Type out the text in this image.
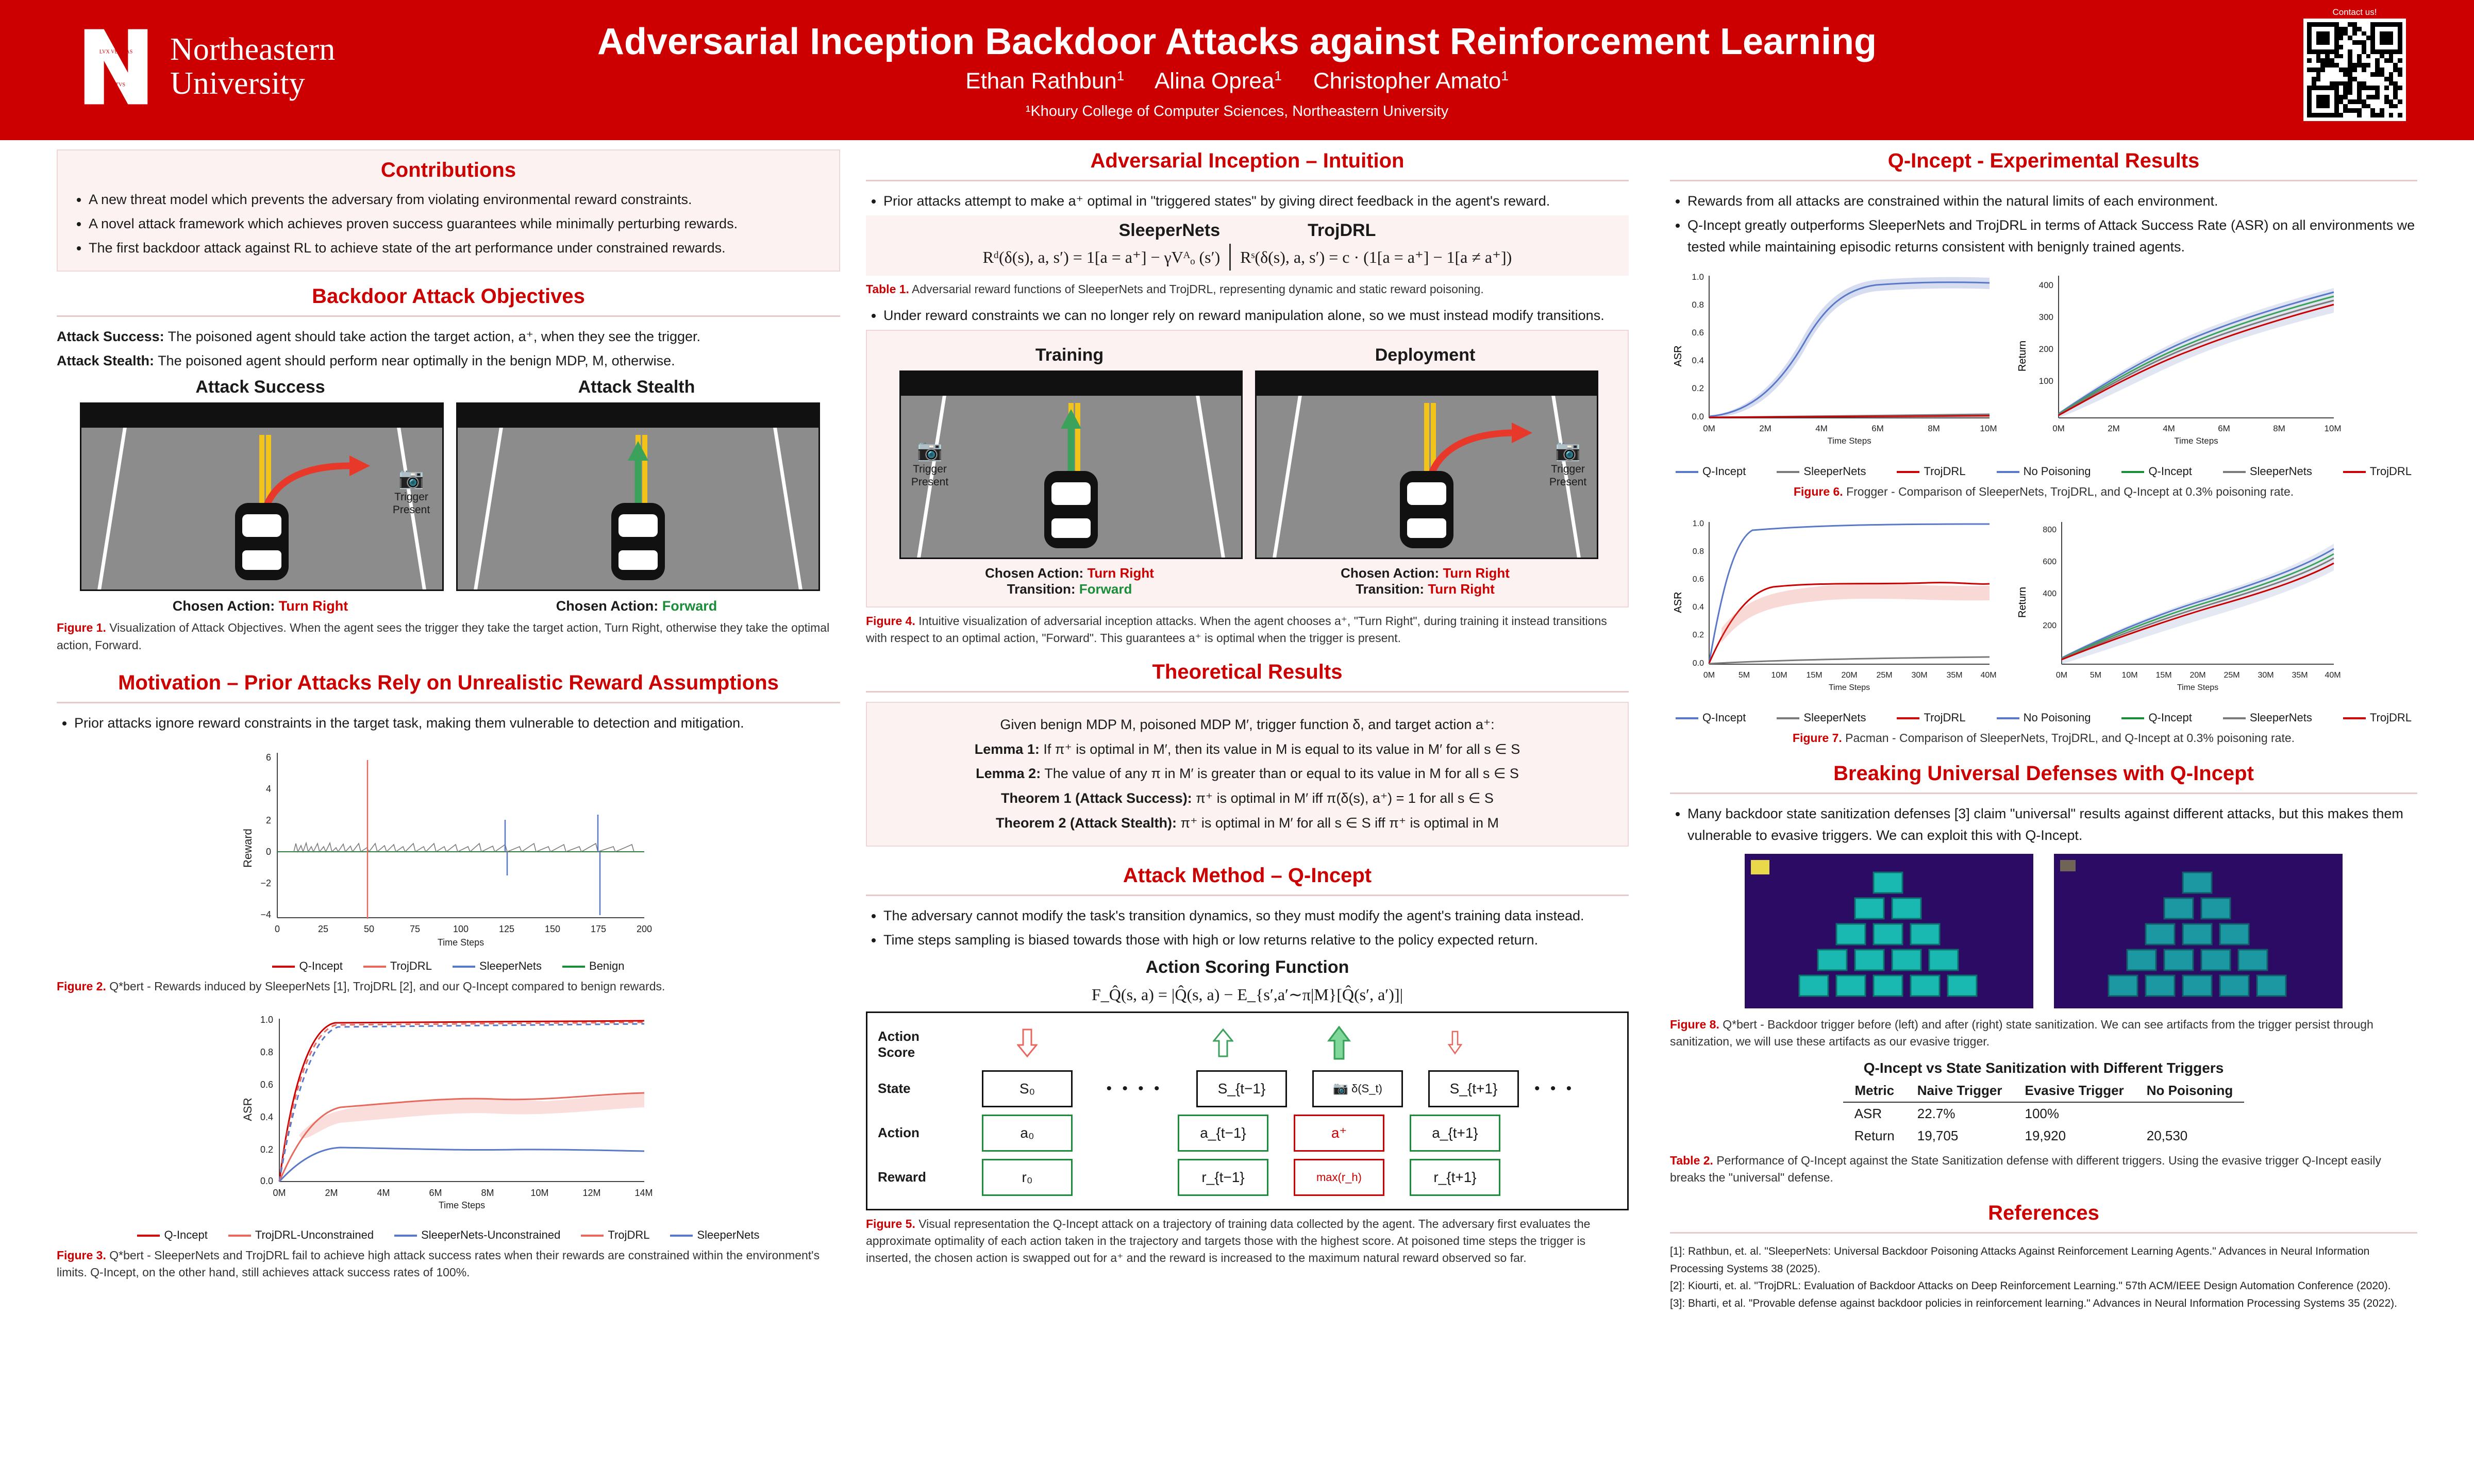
LVX VERITAS
VIRTVS
Northeastern
University
Adversarial Inception Backdoor Attacks against Reinforcement Learning
Ethan Rathbun$^1$ Alina Oprea$^1$ Christopher Amato$^1$
¹Khoury College of Computer Sciences, Northeastern University
Contact us!
Contributions
• A new threat model which prevents the adversary from violating environmental reward constraints.
• A novel attack framework which achieves proven success guarantees while minimally perturbing rewards.
• The first backdoor attack against RL to achieve state of the art performance under constrained rewards.
Backdoor Attack Objectives

Attack Success: The poisoned agent should take action the target action, a⁺, when they see the trigger.

Attack Stealth: The poisoned agent should perform near optimally in the benign MDP, M, otherwise.

Attack Success
📷
Trigger
Present
Chosen Action: Turn Right
Attack Stealth
Chosen Action: Forward
Figure 1. Visualization of Attack Objectives. When the agent sees the trigger they take the target action, Turn Right, otherwise they take the optimal action, Forward.
Motivation – Prior Attacks Rely on Unrealistic Reward Assumptions
• Prior attacks ignore reward constraints in the target task, making them vulnerable to detection and mitigation.
Reward
6
4
2
0
−2
−4
0	25	50	75	100	125	150	175	200
Time Steps
Q-Incept	TrojDRL	SleeperNets	Benign
Figure 2. Q*bert - Rewards induced by SleeperNets [1], TrojDRL [2], and our Q-Incept compared to benign rewards.
ASR
1.0
0.8
0.6
0.4
0.2
0.0
0M	2M	4M	6M	8M	10M	12M	14M
Time Steps
Q-Incept	TrojDRL-Unconstrained	SleeperNets-Unconstrained	TrojDRL	SleeperNets
Figure 3. Q*bert - SleeperNets and TrojDRL fail to achieve high attack success rates when their rewards are constrained within the environment's limits. Q-Incept, on the other hand, still achieves attack success rates of 100%.
Adversarial Inception – Intuition
• Prior attacks attempt to make a⁺ optimal in "triggered states" by giving direct feedback in the agent's reward.
SleeperNets	TrojDRL
Rᵈ(δ(s), a, s′) = 1[a = a⁺] − γVᴬₒ (s′) Rˢ(δ(s), a, s′) = c · (1[a = a⁺] − 1[a ≠ a⁺])
Table 1. Adversarial reward functions of SleeperNets and TrojDRL, representing dynamic and static reward poisoning.
• Under reward constraints we can no longer rely on reward manipulation alone, so we must instead modify transitions.
Training
📷
Trigger
Present
Deployment
📷
Trigger
Present
Chosen Action: Turn Right
Transition: Forward
Chosen Action: Turn Right
Transition: Turn Right
Figure 4. Intuitive visualization of adversarial inception attacks. When the agent chooses a⁺, "Turn Right", during training it instead transitions with respect to an optimal action, "Forward". This guarantees a⁺ is optimal when the trigger is present.
Theoretical Results

Given benign MDP M, poisoned MDP M′, trigger function δ, and target action a⁺:

Lemma 1: If π⁺ is optimal in M′, then its value in M is equal to its value in M′ for all s ∈ S

Lemma 2: The value of any π in M′ is greater than or equal to its value in M for all s ∈ S

Theorem 1 (Attack Success): π⁺ is optimal in M′ iff π(δ(s), a⁺) = 1 for all s ∈ S

Theorem 2 (Attack Stealth): π⁺ is optimal in M′ for all s ∈ S iff π⁺ is optimal in M

Attack Method – Q-Incept
• The adversary cannot modify the task's transition dynamics, so they must modify the agent's training data instead.
• Time steps sampling is biased towards those with high or low returns relative to the policy expected return.
Action Scoring Function
F_Q̂(s, a) = |Q̂(s, a) − E_{s′,a′∼π|M}[Q̂(s′, a′)]|
Action
Score
State	S₀	• • • •	S_{t−1}	📷 δ(S_t)	S_{t+1}	• • •
Action	a₀	a_{t−1}	a⁺	a_{t+1}
Reward	r₀	r_{t−1}	max(r_h)	r_{t+1}
Figure 5. Visual representation the Q-Incept attack on a trajectory of training data collected by the agent. The adversary first evaluates the approximate optimality of each action taken in the trajectory and targets those with the highest score. At poisoned time steps the trigger is inserted, the chosen action is swapped out for a⁺ and the reward is increased to the maximum natural reward observed so far.
Q-Incept - Experimental Results
• Rewards from all attacks are constrained within the natural limits of each environment.
• Q-Incept greatly outperforms SleeperNets and TrojDRL in terms of Attack Success Rate (ASR) on all environments we tested while maintaining episodic returns consistent with benignly trained agents.
ASR
1.0
0.8
0.6
0.4
0.2
0.0
0M	2M	4M	6M	8M	10M
Time Steps
Return
400
300
200
100
0M	2M	4M	6M	8M	10M
Time Steps
Q-Incept	SleeperNets	TrojDRL	No Poisoning	Q-Incept	SleeperNets	TrojDRL
Figure 6. Frogger - Comparison of SleeperNets, TrojDRL, and Q-Incept at 0.3% poisoning rate.
ASR
1.0
0.8
0.6
0.4
0.2
0.0
0M	5M	10M 15M 20M 25M 30M 35M 40M
Time Steps
Return
800
600
400
200
0M	5M 10M 15M 20M 25M 30M 35M 40M
Time Steps
Q-Incept	SleeperNets	TrojDRL	No Poisoning	Q-Incept	SleeperNets	TrojDRL
Figure 7. Pacman - Comparison of SleeperNets, TrojDRL, and Q-Incept at 0.3% poisoning rate.
Breaking Universal Defenses with Q-Incept
• Many backdoor state sanitization defenses [3] claim "universal" results against different attacks, but this makes them vulnerable to evasive triggers. We can exploit this with Q-Incept.
Figure 8. Q*bert - Backdoor trigger before (left) and after (right) state sanitization. We can see artifacts from the trigger persist through sanitization, we will use these artifacts as our evasive trigger.
Q-Incept vs State Sanitization with Different Triggers
Metric	Naive Trigger	Evasive Trigger	No Poisoning
ASR	22.7%	100%	
Return	19,705	19,920	20,530
Table 2. Performance of Q-Incept against the State Sanitization defense with different triggers. Using the evasive trigger Q-Incept easily breaks the "universal" defense.
References
[1]: Rathbun, et. al. "SleeperNets: Universal Backdoor Poisoning Attacks Against Reinforcement Learning Agents." Advances in Neural Information Processing Systems 38 (2025).
[2]: Kiourti, et. al. "TrojDRL: Evaluation of Backdoor Attacks on Deep Reinforcement Learning." 57th ACM/IEEE Design Automation Conference (2020).
[3]: Bharti, et al. "Provable defense against backdoor policies in reinforcement learning." Advances in Neural Information Processing Systems 35 (2022).
